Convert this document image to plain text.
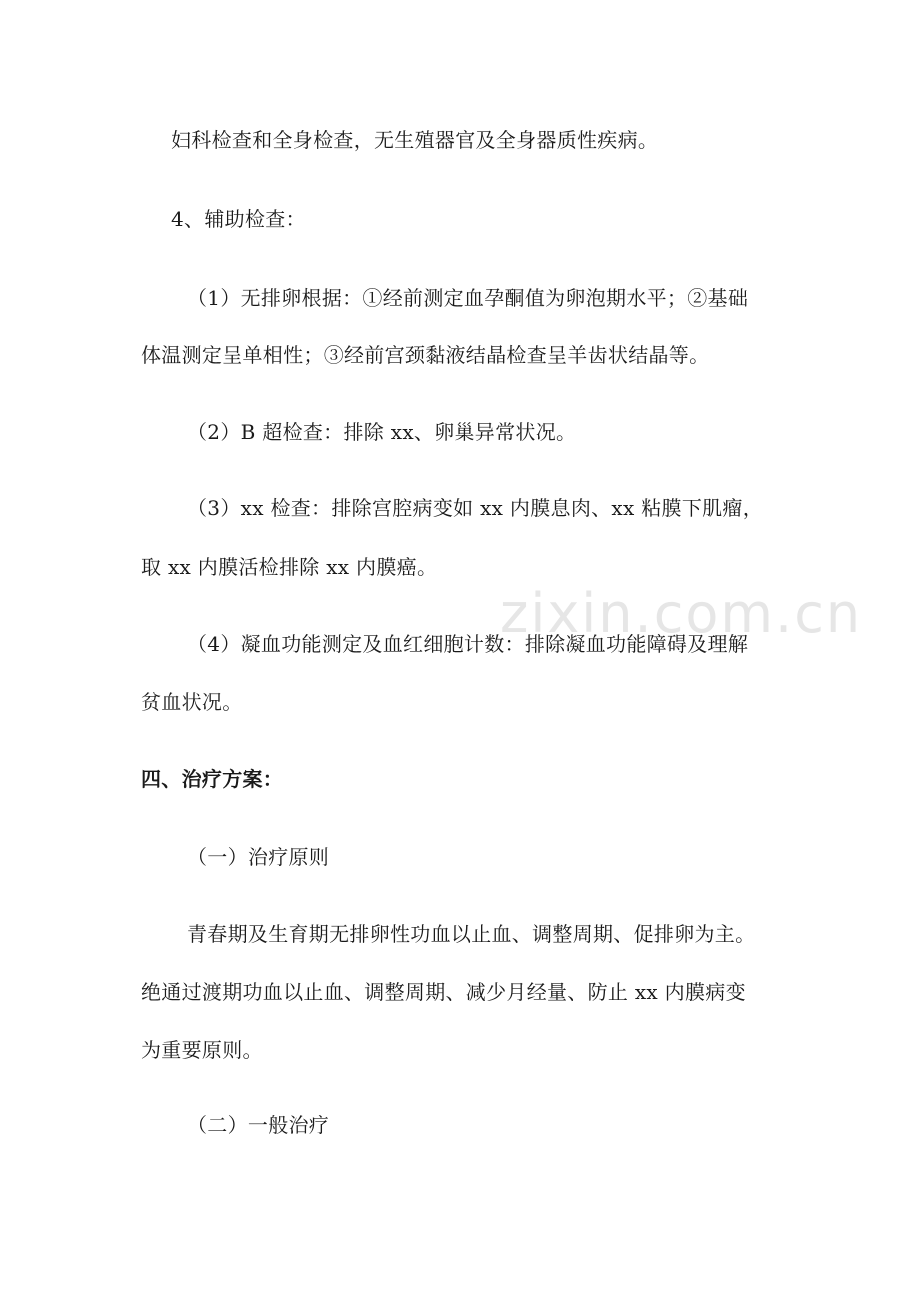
zixin.com.cn
妇科检查和全身检查，无生殖器官及全身器质性疾病。
4、辅助检查：
（1）无排卵根据：①经前测定血孕酮值为卵泡期水平；②基础
体温测定呈单相性；③经前宫颈黏液结晶检查呈羊齿状结晶等。
（2）B 超检查：排除 xx、卵巢异常状况。
（3）xx 检查：排除宫腔病变如 xx 内膜息肉、xx 粘膜下肌瘤，
取 xx 内膜活检排除 xx 内膜癌。
（4）凝血功能测定及血红细胞计数：排除凝血功能障碍及理解
贫血状况。
四、治疗方案：
（一）治疗原则
青春期及生育期无排卵性功血以止血、调整周期、促排卵为主。
绝通过渡期功血以止血、调整周期、减少月经量、防止 xx 内膜病变
为重要原则。
（二）一般治疗
